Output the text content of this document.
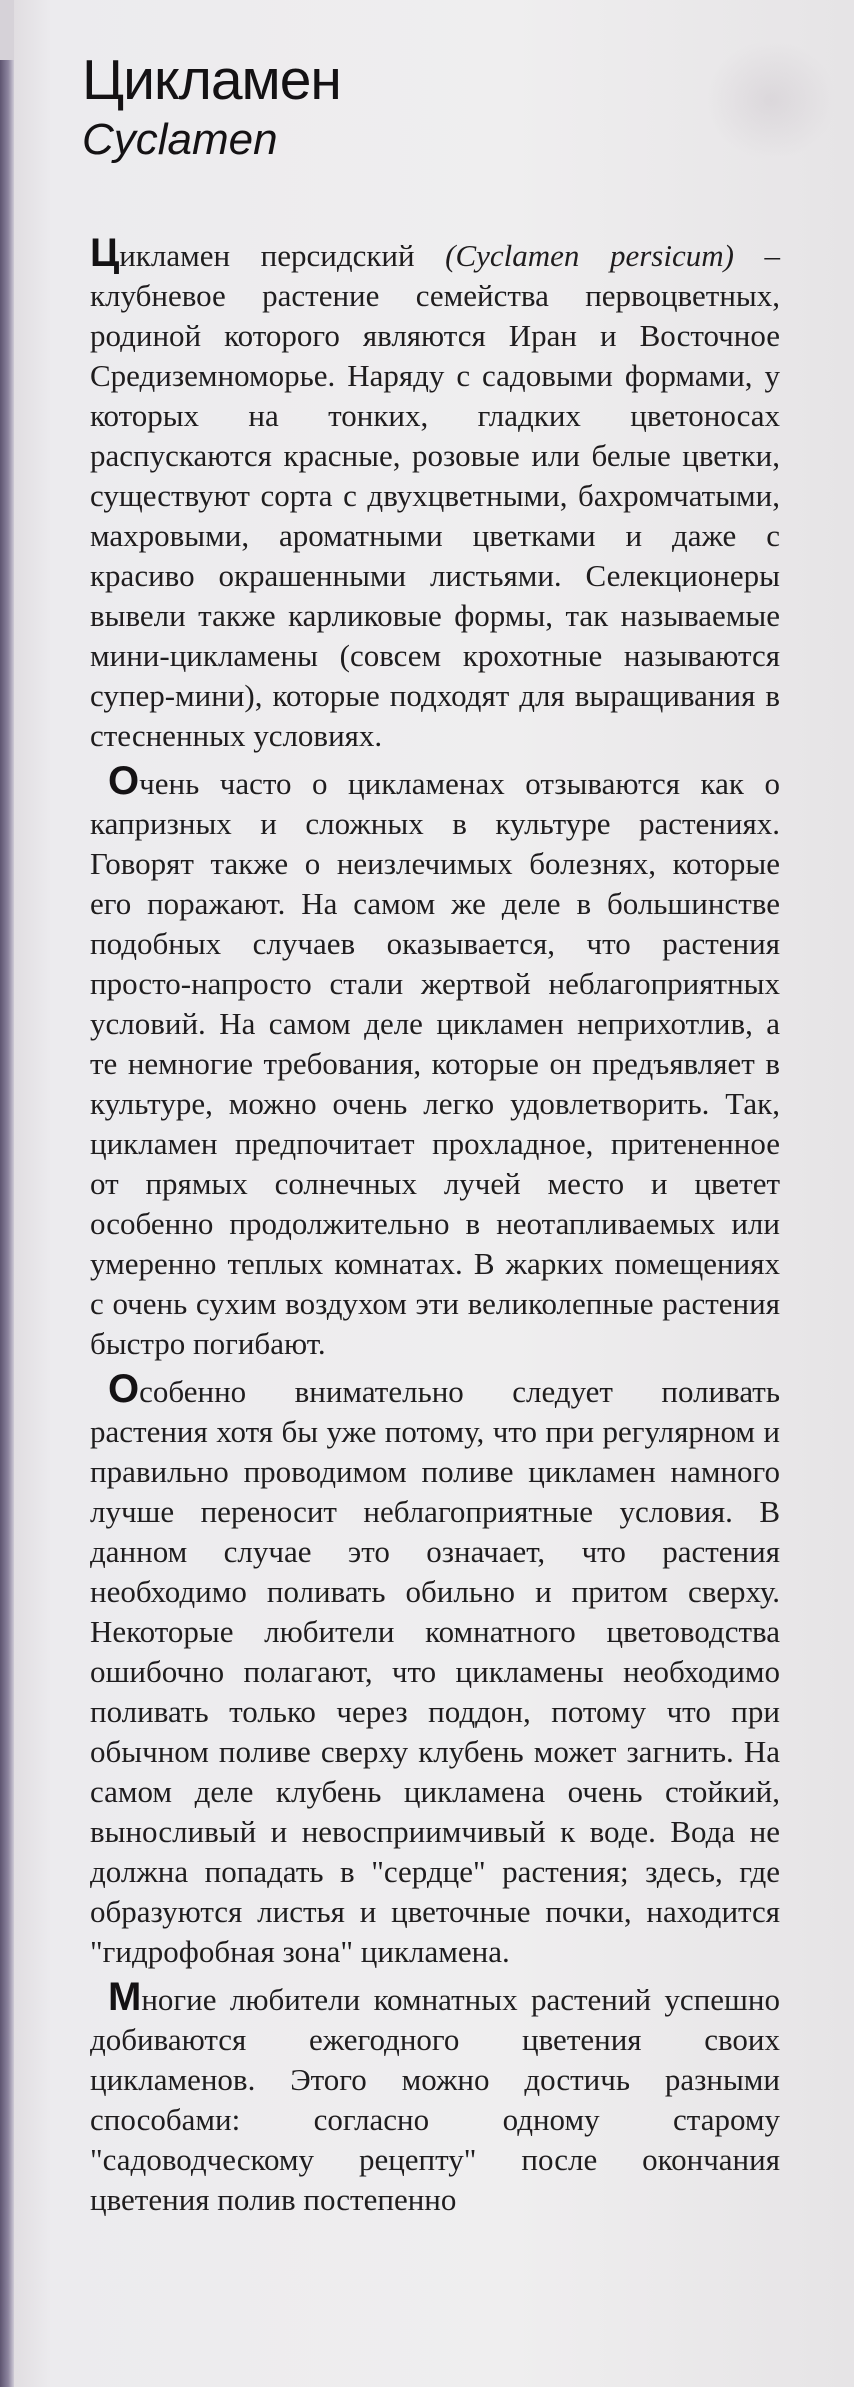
Цикламен
Cyclamen

Цикламен персидский (Cyclamen persicum) – клубневое растение семейства первоцветных, родиной которого являются Иран и Восточное Средиземноморье. Наряду с садовыми формами, у которых на тонких, гладких цветоносах распускаются красные, розовые или белые цветки, существуют сорта с двухцветными, бахромчатыми, махровыми, ароматными цветками и даже с красиво окрашенными листьями. Селекционеры вывели также карликовые формы, так называемые мини-цикламены (совсем крохотные называются супер-мини), которые подходят для выращивания в стесненных условиях.

Очень часто о цикламенах отзываются как о капризных и сложных в культуре растениях. Говорят также о неизлечимых болезнях, которые его поражают. На самом же деле в большинстве подобных случаев оказывается, что растения просто-напросто стали жертвой неблагоприятных условий. На самом деле цикламен неприхотлив, а те немногие требования, которые он предъявляет в культуре, можно очень легко удовлетворить. Так, цикламен предпочитает прохладное, притененное от прямых солнечных лучей место и цветет особенно продолжительно в неотапливаемых или умеренно теплых комнатах. В жарких помещениях с очень сухим воздухом эти великолепные растения быстро погибают.

Особенно внимательно следует поливать растения хотя бы уже потому, что при регулярном и правильно проводимом поливе цикламен намного лучше переносит неблагоприятные условия. В данном случае это означает, что растения необходимо поливать обильно и притом сверху. Некоторые любители комнатного цветоводства ошибочно полагают, что цикламены необходимо поливать только через поддон, потому что при обычном поливе сверху клубень может загнить. На самом деле клубень цикламена очень стойкий, выносливый и невосприимчивый к воде. Вода не должна попадать в "сердце" растения; здесь, где образуются листья и цветочные почки, находится "гидрофобная зона" цикламена.

Многие любители комнатных растений успешно добиваются ежегодного цветения своих цикламенов. Этого можно достичь разными способами: согласно одному старому "садоводческому рецепту" после окончания цветения полив постепенно
